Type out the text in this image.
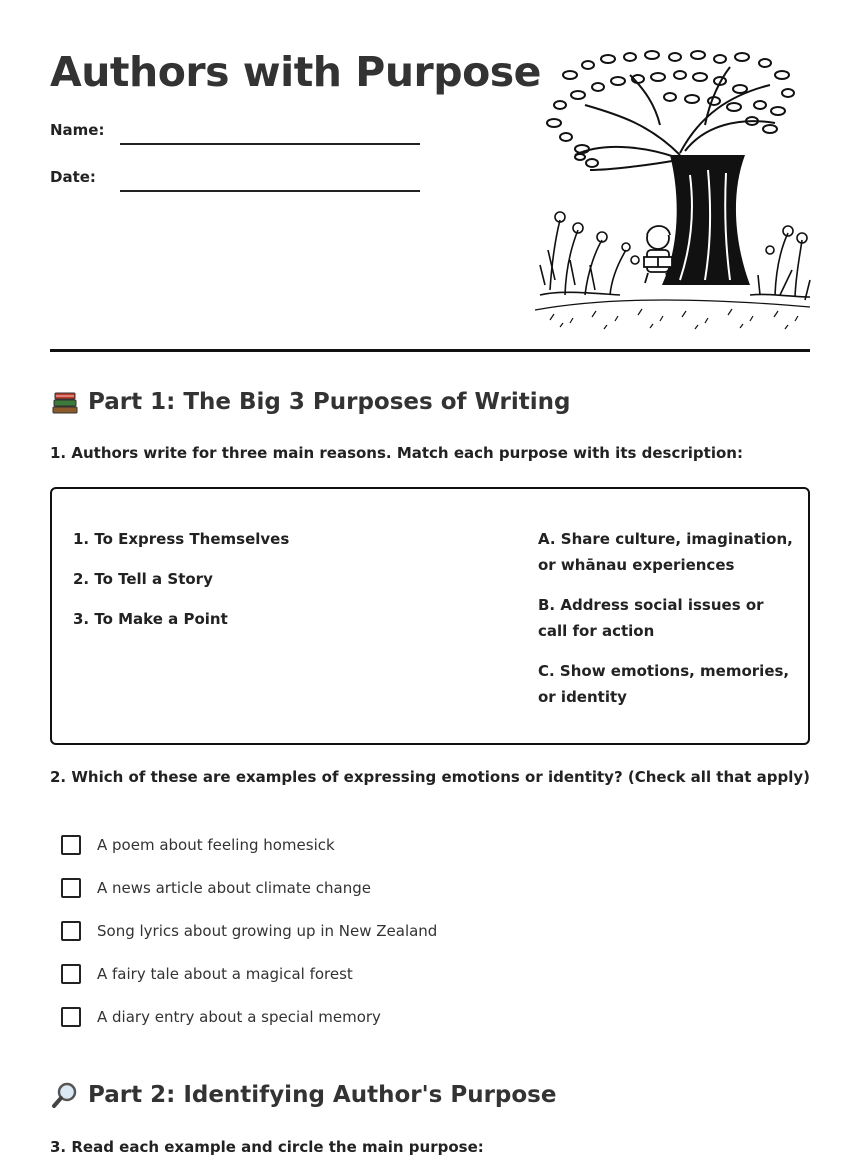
Authors with Purpose
Name:
Date:
Part 1: The Big 3 Purposes of Writing

1. Authors write for three main reasons. Match each purpose with its description:

1. To Express Themselves

2. To Tell a Story

3. To Make a Point

A. Share culture, imagination, or whānau experiences

B. Address social issues or call for action

C. Show emotions, memories, or identity

2. Which of these are examples of expressing emotions or identity? (Check all that apply)

A poem about feeling homesick
A news article about climate change
Song lyrics about growing up in New Zealand
A fairy tale about a magical forest
A diary entry about a special memory
Part 2: Identifying Author's Purpose

3. Read each example and circle the main purpose:
